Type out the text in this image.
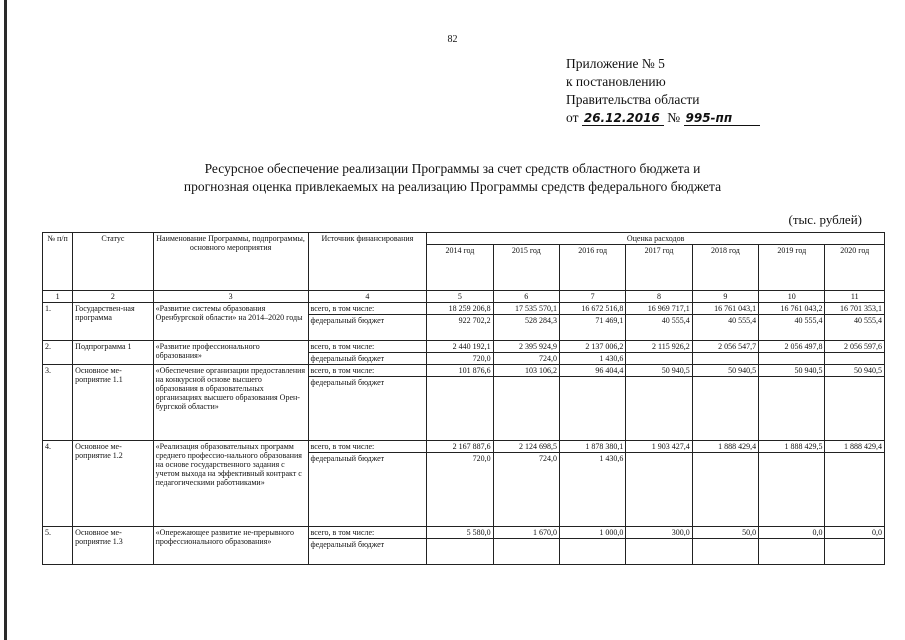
82
Приложение № 5
к постановлению
Правительства области
от 26.12.2016 № 995-пп
Ресурсное обеспечение реализации Программы за счет средств областного бюджета и
прогнозная оценка привлекаемых на реализацию Программы средств федерального бюджета
(тыс. рублей)
№ п/п	Статус	Наименование Программы, подпрограммы, основного мероприятия	Источник финансирования	Оценка расходов						
				2014 год	2015 год	2016 год	2017 год	2018 год	2019 год	2020 год
1	2	3	4	5	6	7	8	9	10	11
1.	Государствен-ная программа	«Развитие системы образования Оренбургской области» на 2014–2020 годы	всего, в том числе:	18 259 206,8	17 535 570,1	16 672 516,8	16 969 717,1	16 761 043,1	16 761 043,2	16 701 353,1
			федеральный бюджет	922 702,2	528 284,3	71 469,1	40 555,4	40 555,4	40 555,4	40 555,4
2.	Подпрограмма 1	«Развитие профессионального образования»	всего, в том числе:	2 440 192,1	2 395 924,9	2 137 006,2	2 115 926,2	2 056 547,7	2 056 497,8	2 056 597,6
			федеральный бюджет	720,0	724,0	1 430,6				
3.	Основное ме-роприятие 1.1	«Обеспечение организации предоставления на конкурсной основе высшего образования в образовательных организациях высшего образования Орен-бургской области»	всего, в том числе:	101 876,6	103 106,2	96 404,4	50 940,5	50 940,5	50 940,5	50 940,5
			федеральный бюджет							
4.	Основное ме-роприятие 1.2	«Реализация образовательных программ среднего профессио-нального образования на основе государственного задания с учетом выхода на эффективный контракт с педагогическими работниками»	всего, в том числе:	2 167 887,6	2 124 698,5	1 878 380,1	1 903 427,4	1 888 429,4	1 888 429,5	1 888 429,4
			федеральный бюджет	720,0	724,0	1 430,6				
5.	Основное ме-роприятие 1.3	«Опережающее развитие не-прерывного профессионального образования»	всего, в том числе:	5 580,0	1 670,0	1 000,0	300,0	50,0	0,0	0,0
			федеральный бюджет							
